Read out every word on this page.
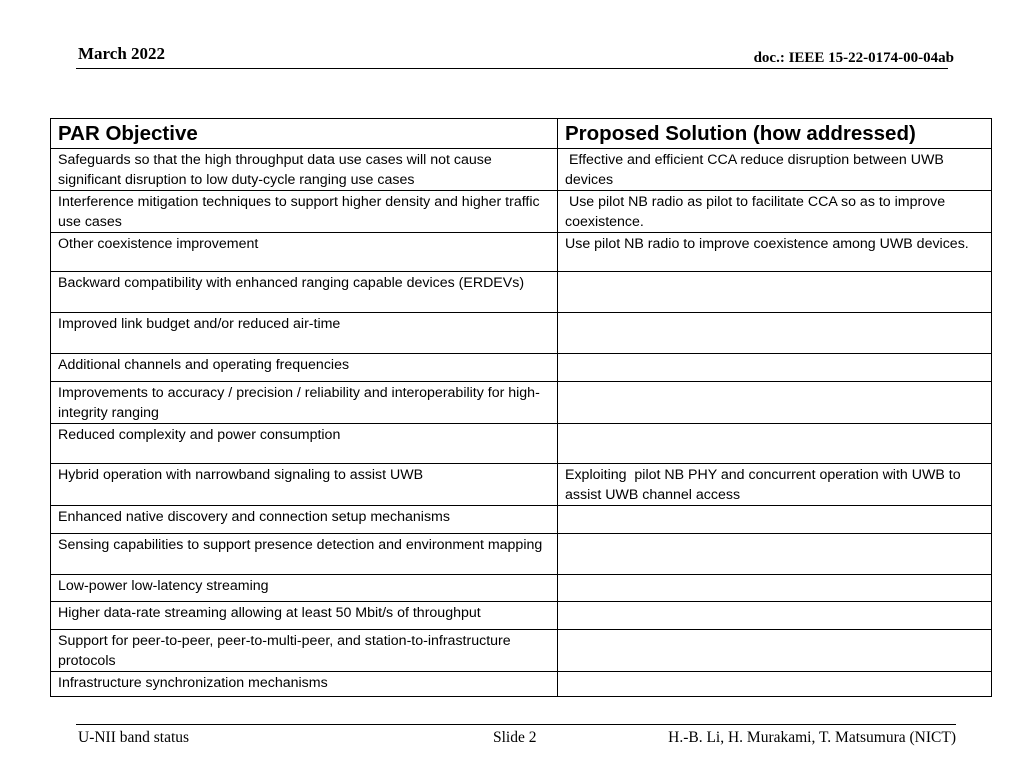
March 2022	doc.: IEEE 15-22-0174-00-04ab
PAR Objective	Proposed Solution (how addressed)
Safeguards so that the high throughput data use cases will not cause significant disruption to low duty-cycle ranging use cases	Effective and efficient CCA reduce disruption between UWB devices
Interference mitigation techniques to support higher density and higher traffic use cases	Use pilot NB radio as pilot to facilitate CCA so as to improve coexistence.
Other coexistence improvement	Use pilot NB radio to improve coexistence among UWB devices.
Backward compatibility with enhanced ranging capable devices (ERDEVs)	
Improved link budget and/or reduced air-time	
Additional channels and operating frequencies	
Improvements to accuracy / precision / reliability and interoperability for high-integrity ranging	
Reduced complexity and power consumption	
Hybrid operation with narrowband signaling to assist UWB	Exploiting  pilot NB PHY and concurrent operation with UWB to assist UWB channel access
Enhanced native discovery and connection setup mechanisms	
Sensing capabilities to support presence detection and environment mapping	
Low-power low-latency streaming	
Higher data-rate streaming allowing at least 50 Mbit/s of throughput	
Support for peer-to-peer, peer-to-multi-peer, and station-to-infrastructure protocols	
Infrastructure synchronization mechanisms	
U-NII band status	Slide 2	H.-B. Li, H. Murakami, T. Matsumura (NICT)
